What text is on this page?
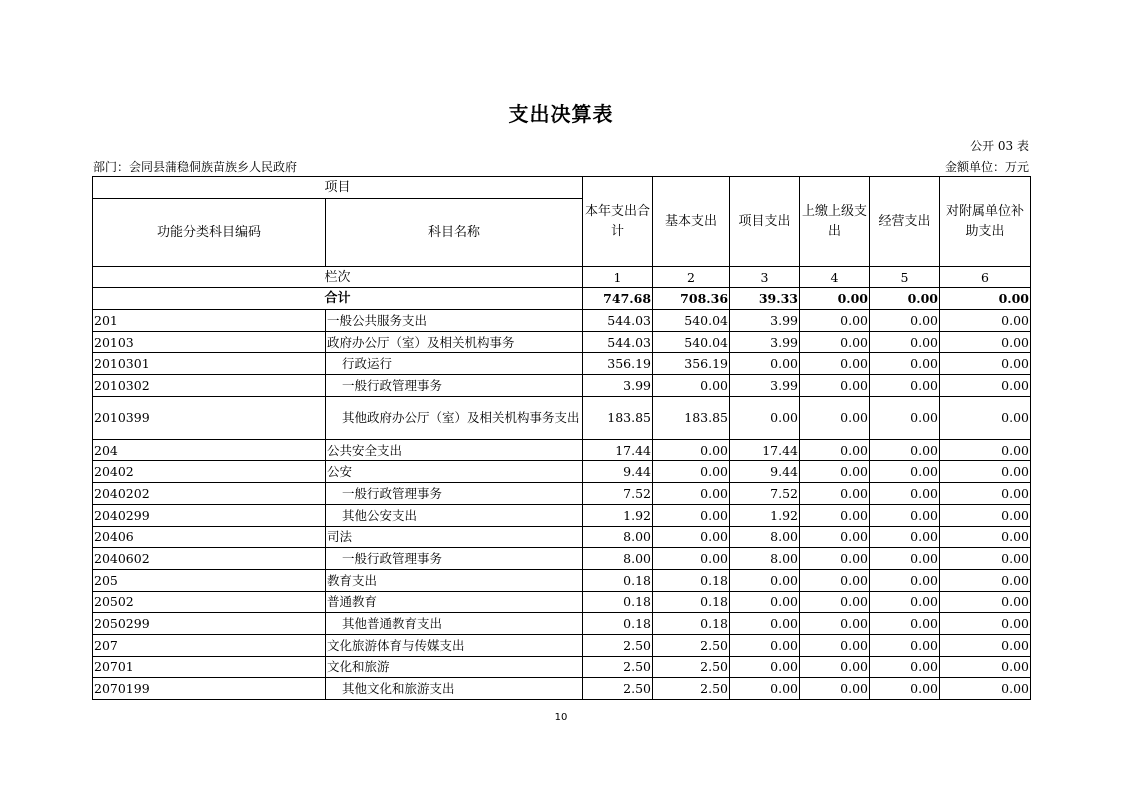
支出决算表
公开 03 表
部门：会同县蒲稳侗族苗族乡人民政府	金额单位：万元
项目		本年支出合计	基本支出	项目支出	上缴上级支出	经营支出	对附属单位补助支出
功能分类科目编码	科目名称						
栏次		1	2	3	4	5	6
合计		747.68	708.36	39.33	0.00	0.00	0.00
201	一般公共服务支出	544.03	540.04	3.99	0.00	0.00	0.00
20103	政府办公厅（室）及相关机构事务	544.03	540.04	3.99	0.00	0.00	0.00
2010301	行政运行	356.19	356.19	0.00	0.00	0.00	0.00
2010302	一般行政管理事务	3.99	0.00	3.99	0.00	0.00	0.00
2010399	其他政府办公厅（室）及相关机构事务支出	183.85	183.85	0.00	0.00	0.00	0.00
204	公共安全支出	17.44	0.00	17.44	0.00	0.00	0.00
20402	公安	9.44	0.00	9.44	0.00	0.00	0.00
2040202	一般行政管理事务	7.52	0.00	7.52	0.00	0.00	0.00
2040299	其他公安支出	1.92	0.00	1.92	0.00	0.00	0.00
20406	司法	8.00	0.00	8.00	0.00	0.00	0.00
2040602	一般行政管理事务	8.00	0.00	8.00	0.00	0.00	0.00
205	教育支出	0.18	0.18	0.00	0.00	0.00	0.00
20502	普通教育	0.18	0.18	0.00	0.00	0.00	0.00
2050299	其他普通教育支出	0.18	0.18	0.00	0.00	0.00	0.00
207	文化旅游体育与传媒支出	2.50	2.50	0.00	0.00	0.00	0.00
20701	文化和旅游	2.50	2.50	0.00	0.00	0.00	0.00
2070199	其他文化和旅游支出	2.50	2.50	0.00	0.00	0.00	0.00
10
